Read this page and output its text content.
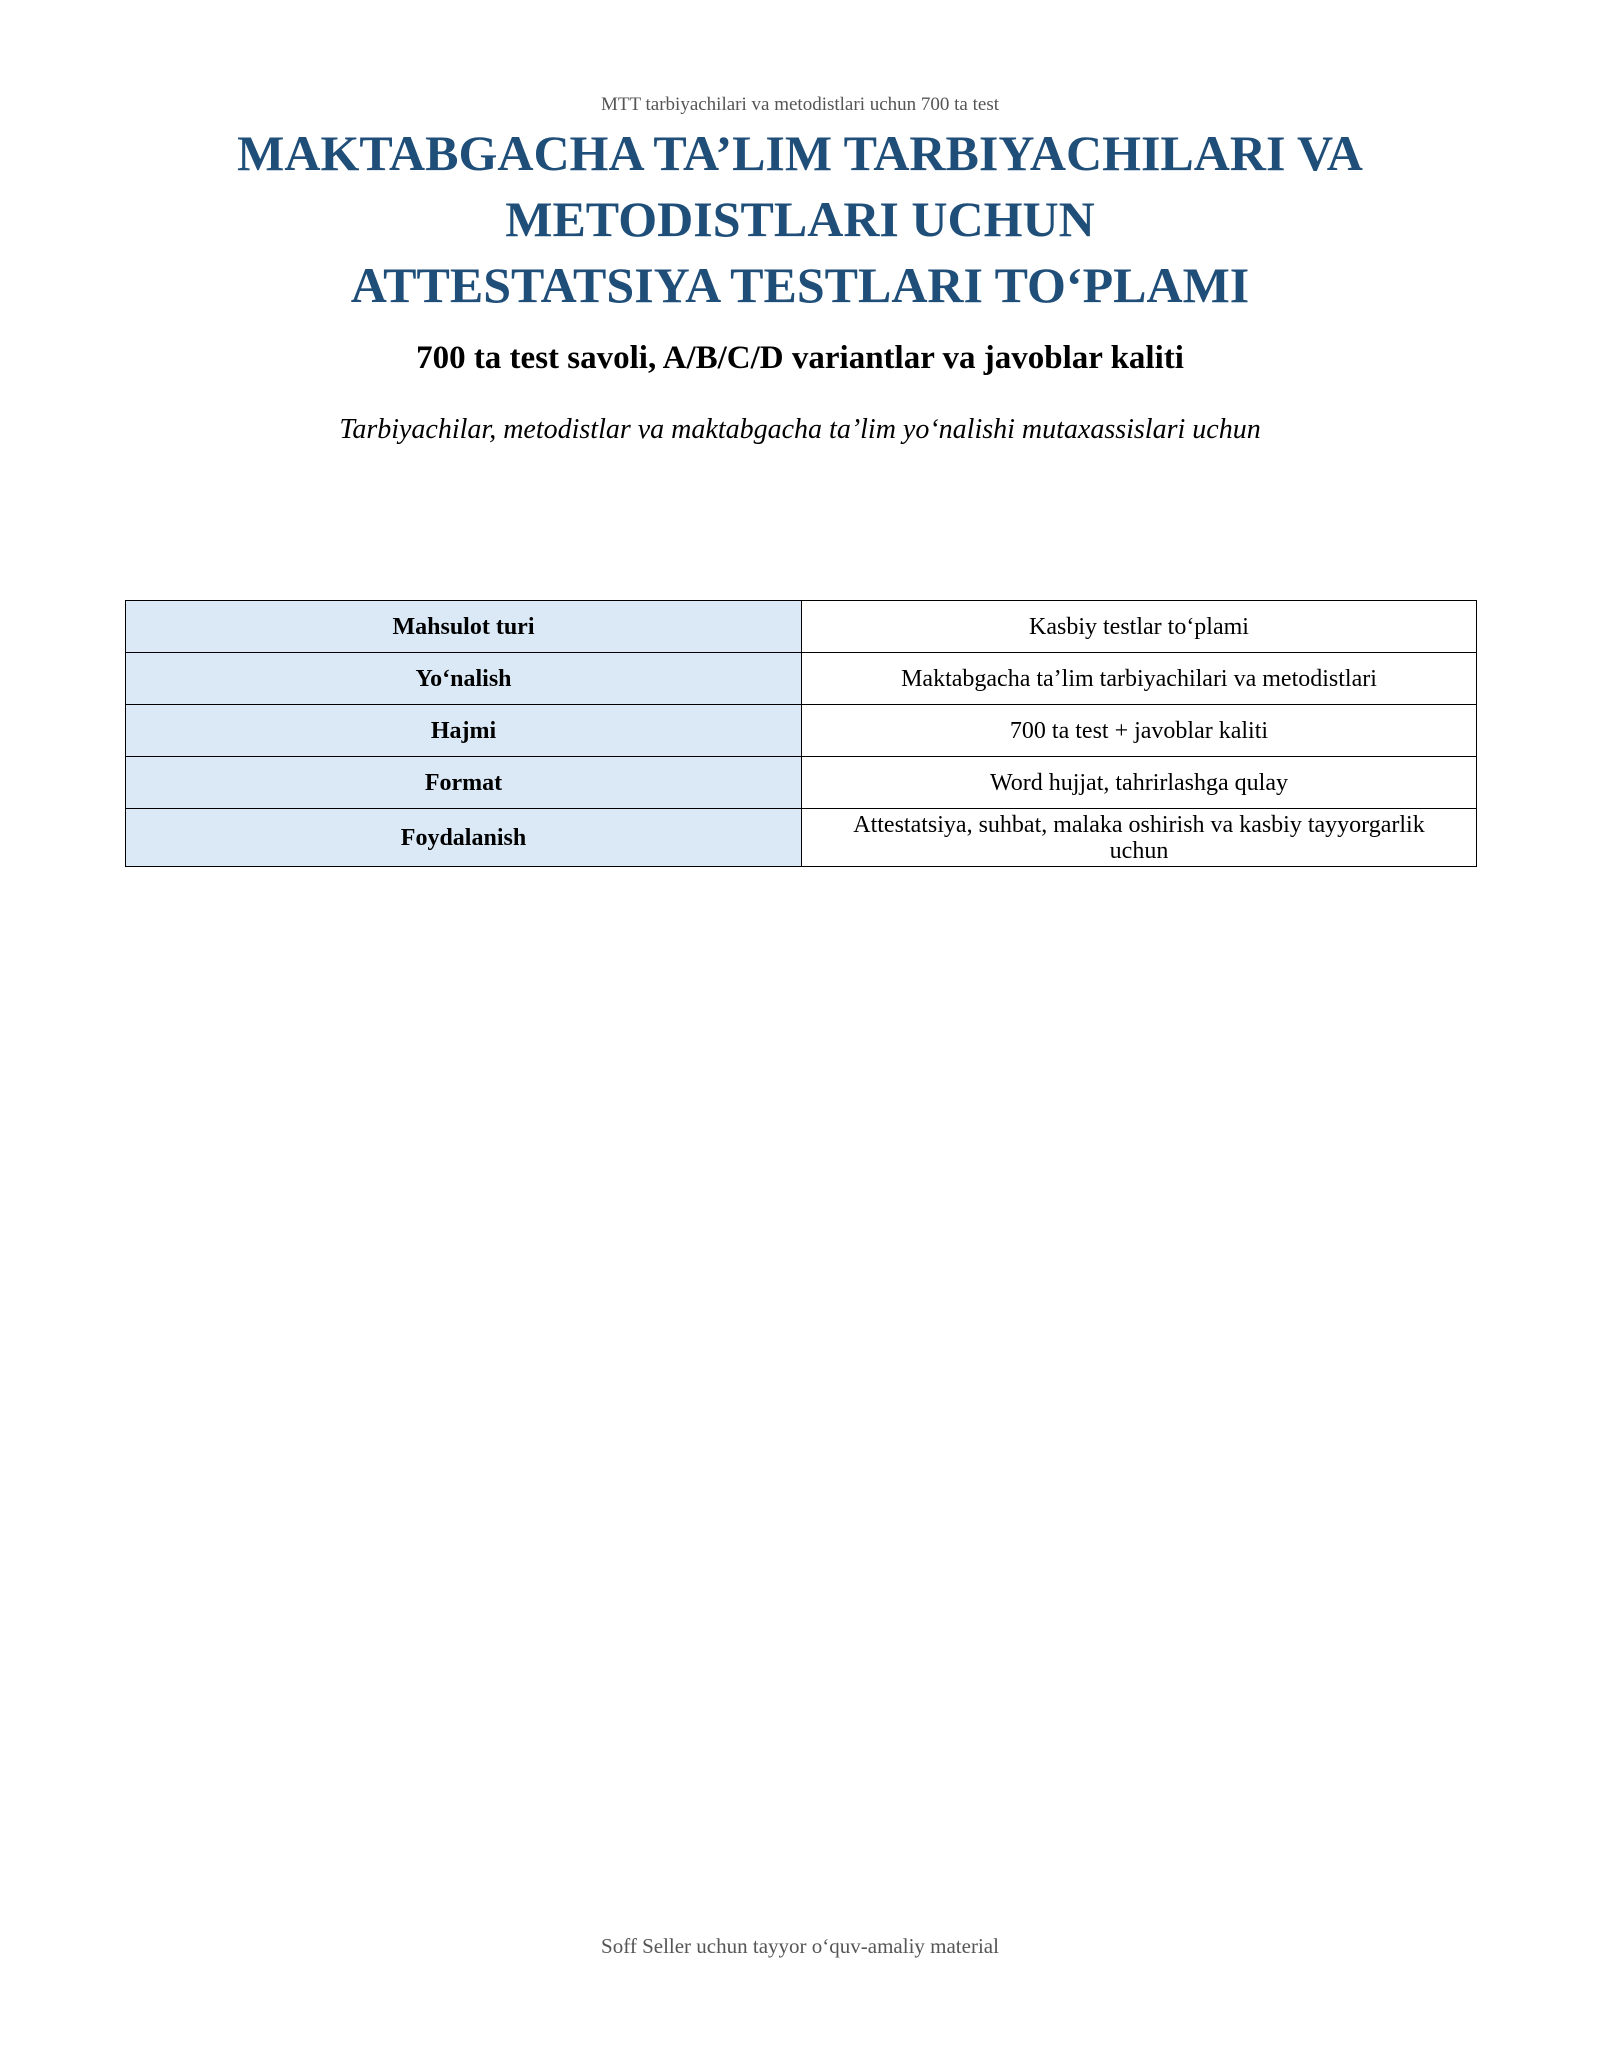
MTT tarbiyachilari va metodistlari uchun 700 ta test
MAKTABGACHA TA’LIM TARBIYACHILARI VA
METODISTLARI UCHUN
ATTESTATSIYA TESTLARI TO‘PLAMI

700 ta test savoli, A/B/C/D variantlar va javoblar kaliti

Tarbiyachilar, metodistlar va maktabgacha ta’lim yo‘nalishi mutaxassislari uchun

Mahsulot turi	Kasbiy testlar to‘plami
Yo‘nalish	Maktabgacha ta’lim tarbiyachilari va metodistlari
Hajmi	700 ta test + javoblar kaliti
Format	Word hujjat, tahrirlashga qulay
Foydalanish	Attestatsiya, suhbat, malaka oshirish va kasbiy tayyorgarlik uchun
Soff Seller uchun tayyor o‘quv-amaliy material
